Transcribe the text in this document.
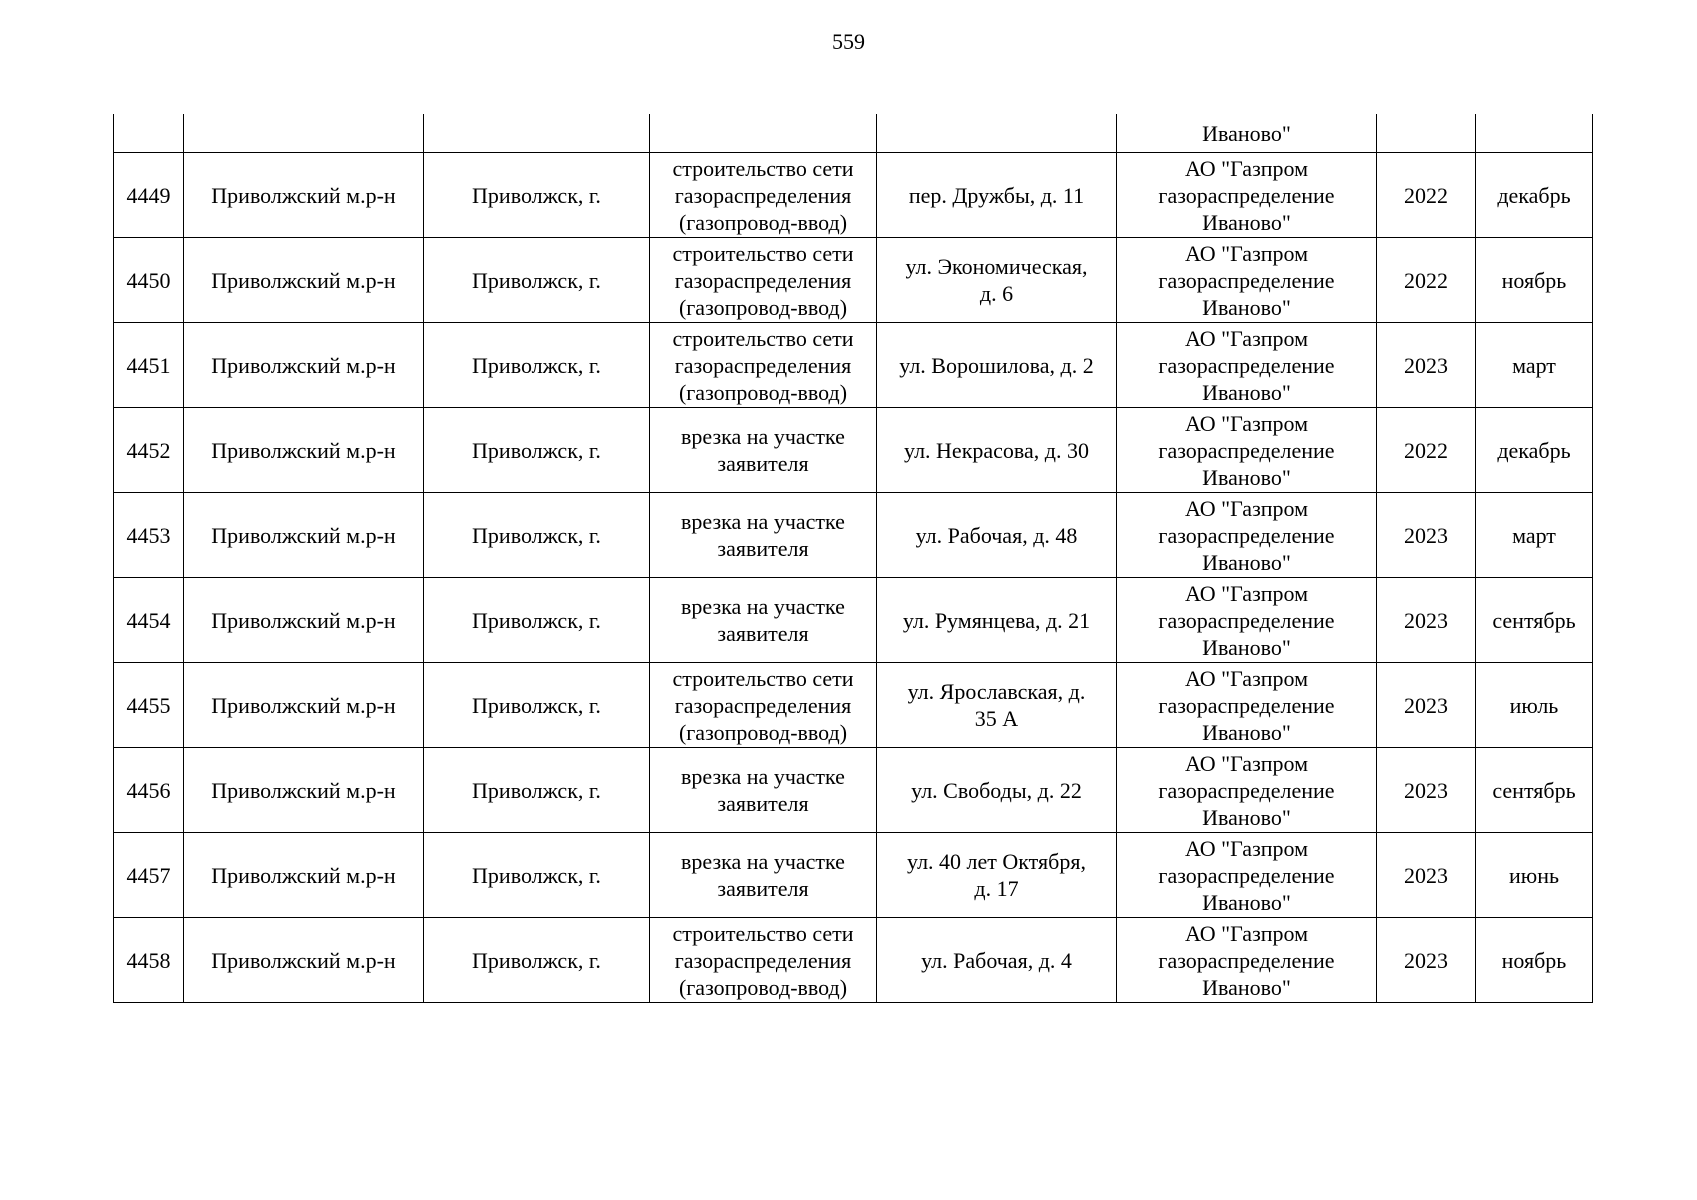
559

					Иваново"		

4449	Приволжский м.р-н	Приволжск, г.	строительство сети
газораспределения
(газопровод-ввод)	пер. Дружбы, д. 11	АО "Газпром
газораспределение
Иваново"	2022	декабрь

4450	Приволжский м.р-н	Приволжск, г.	строительство сети
газораспределения
(газопровод-ввод)	ул. Экономическая,
д. 6	АО "Газпром
газораспределение
Иваново"	2022	ноябрь

4451	Приволжский м.р-н	Приволжск, г.	строительство сети
газораспределения
(газопровод-ввод)	ул. Ворошилова, д. 2	АО "Газпром
газораспределение
Иваново"	2023	март

4452	Приволжский м.р-н	Приволжск, г.	врезка на участке
заявителя	ул. Некрасова, д. 30	АО "Газпром
газораспределение
Иваново"	2022	декабрь

4453	Приволжский м.р-н	Приволжск, г.	врезка на участке
заявителя	ул. Рабочая, д. 48	АО "Газпром
газораспределение
Иваново"	2023	март

4454	Приволжский м.р-н	Приволжск, г.	врезка на участке
заявителя	ул. Румянцева, д. 21	АО "Газпром
газораспределение
Иваново"	2023	сентябрь

4455	Приволжский м.р-н	Приволжск, г.	строительство сети
газораспределения
(газопровод-ввод)	ул. Ярославская, д.
35 А	АО "Газпром
газораспределение
Иваново"	2023	июль

4456	Приволжский м.р-н	Приволжск, г.	врезка на участке
заявителя	ул. Свободы, д. 22	АО "Газпром
газораспределение
Иваново"	2023	сентябрь

4457	Приволжский м.р-н	Приволжск, г.	врезка на участке
заявителя	ул. 40 лет Октября,
д. 17	АО "Газпром
газораспределение
Иваново"	2023	июнь

4458	Приволжский м.р-н	Приволжск, г.	строительство сети
газораспределения
(газопровод-ввод)	ул. Рабочая, д. 4	АО "Газпром
газораспределение
Иваново"	2023	ноябрь
